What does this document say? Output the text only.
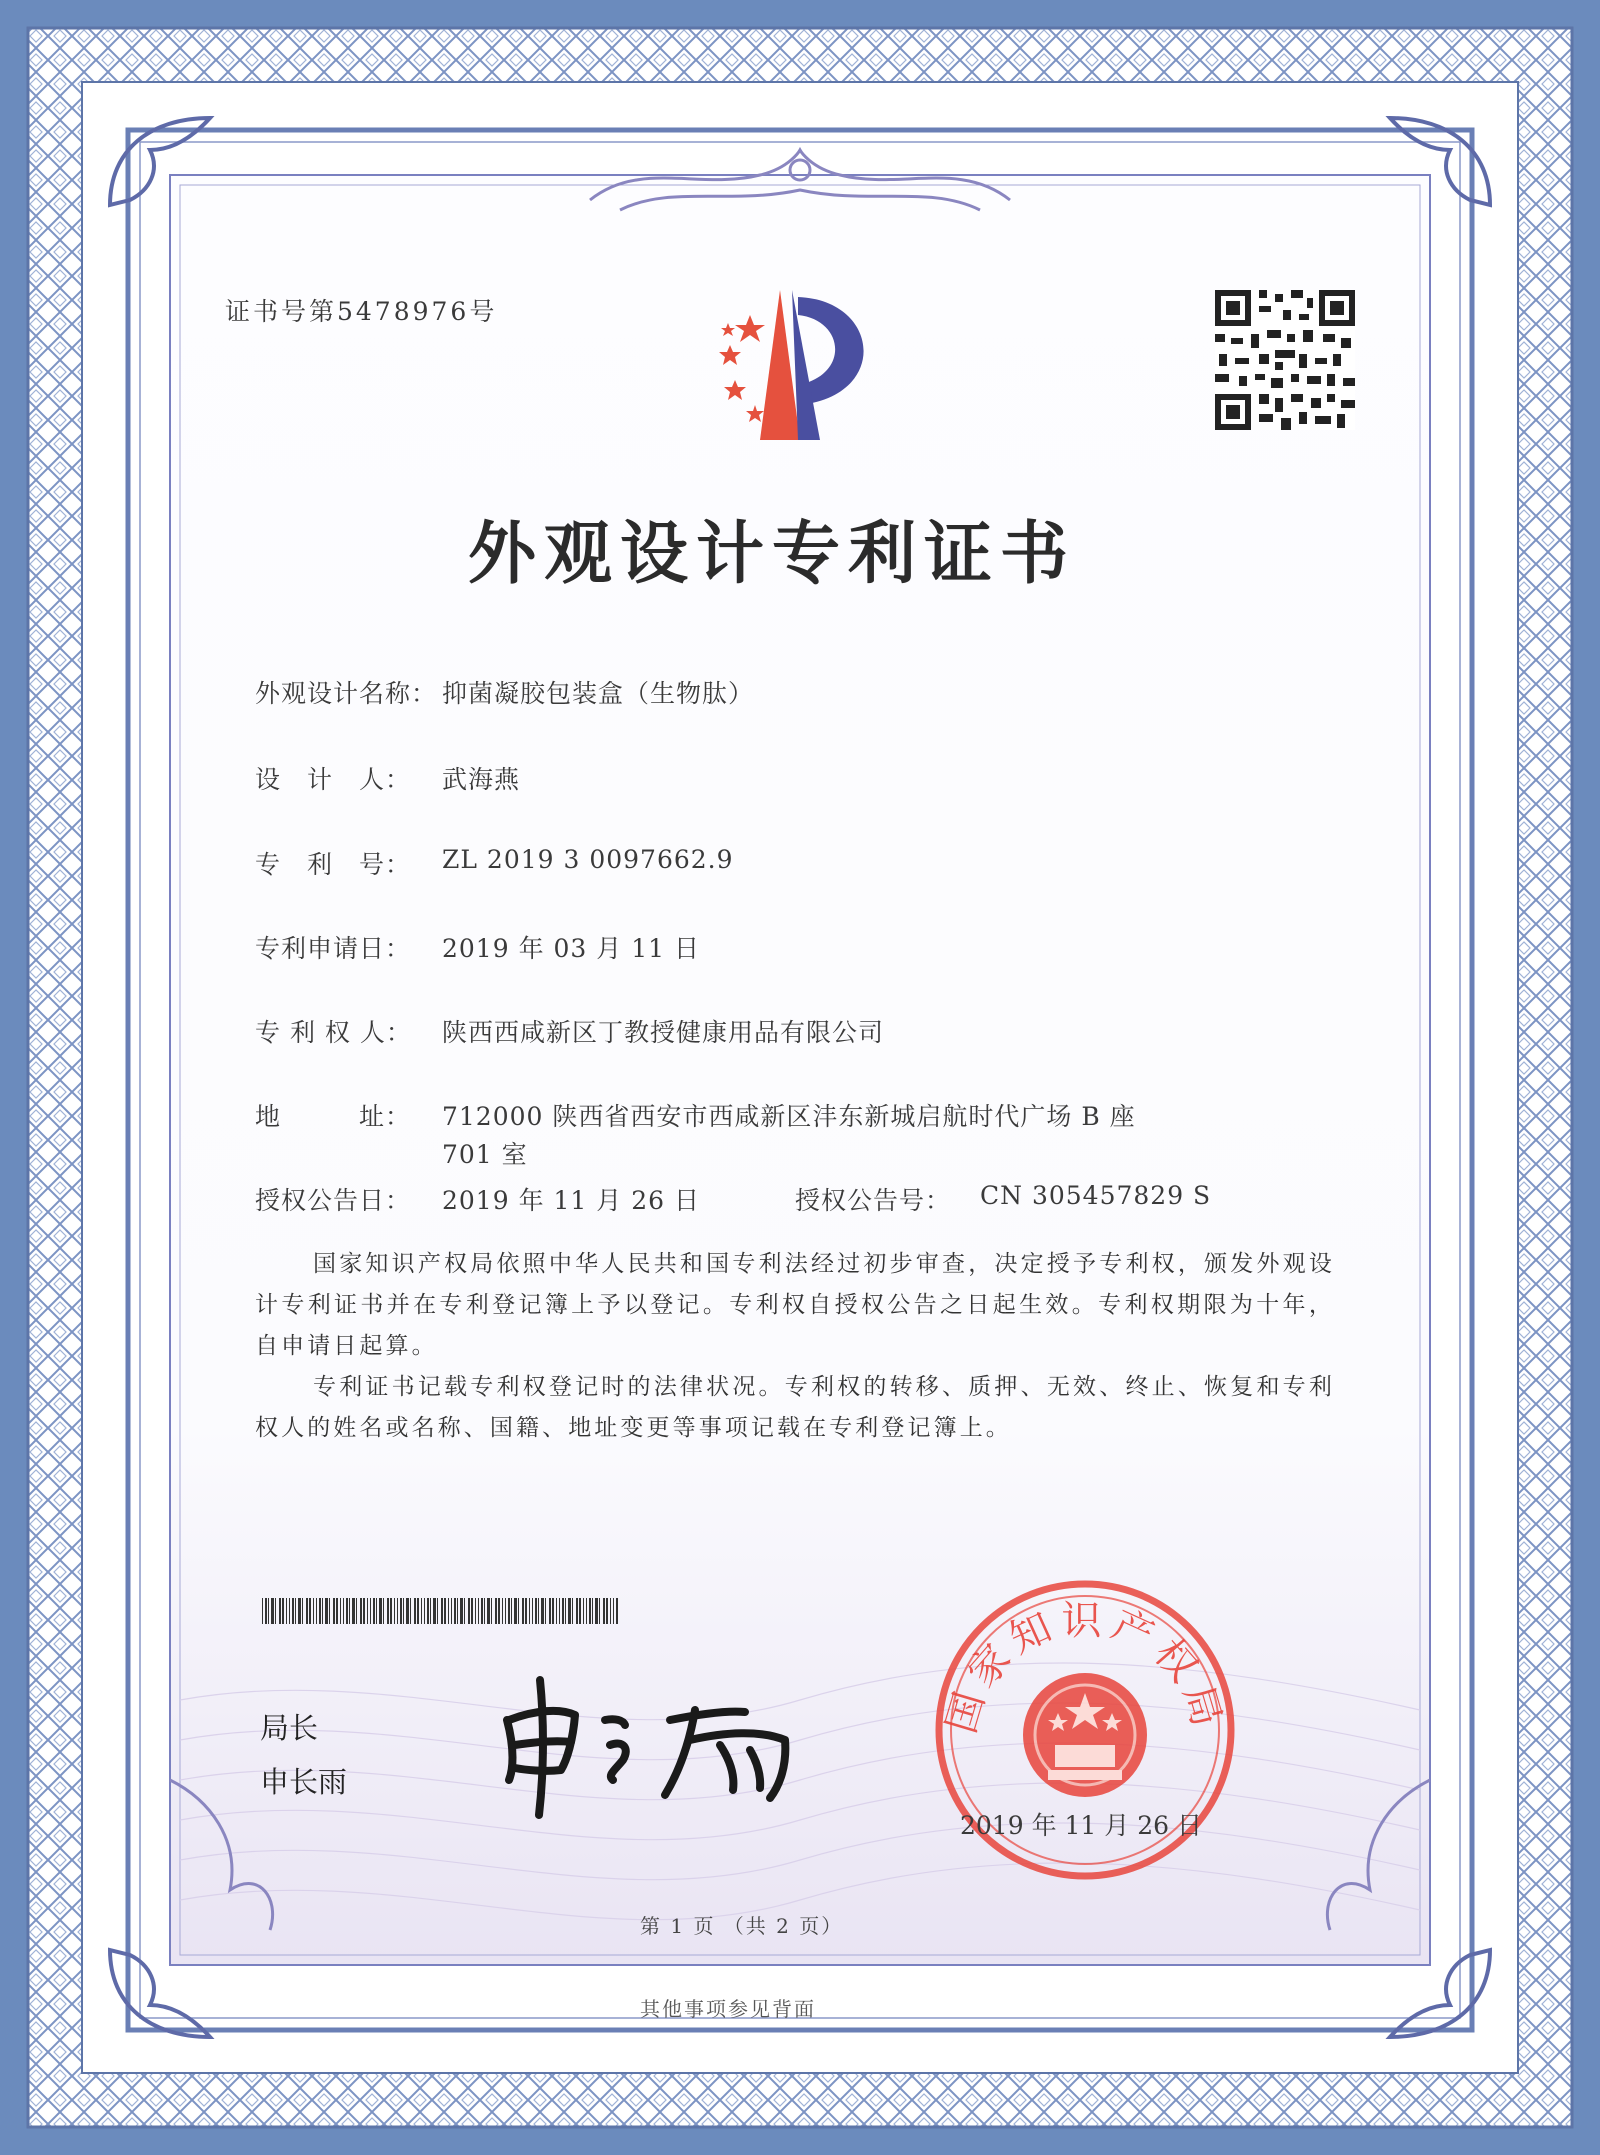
证书号第5478976号
外观设计专利证书
外观设计名称： 抑菌凝胶包装盒（生物肽）
设　计　人： 武海燕
专　利　号： ZL 2019 3 0097662.9
专利申请日： 2019 年 03 月 11 日
专 利 权 人： 陕西西咸新区丁教授健康用品有限公司
地　　　址： 712000 陕西省西安市西咸新区沣东新城启航时代广场 B 座
701 室
授权公告日： 2019 年 11 月 26 日	授权公告号： CN 305457829 S
国家知识产权局依照中华人民共和国专利法经过初步审查，决定授予专利权，颁发外观设计专利证书并在专利登记簿上予以登记。专利权自授权公告之日起生效。专利权期限为十年，自申请日起算。
专利证书记载专利权登记时的法律状况。专利权的转移、质押、无效、终止、恢复和专利权人的姓名或名称、国籍、地址变更等事项记载在专利登记簿上。
局长
申长雨
国家知识产权局
2019 年 11 月 26 日
第 1 页 （共 2 页）
其他事项参见背面
